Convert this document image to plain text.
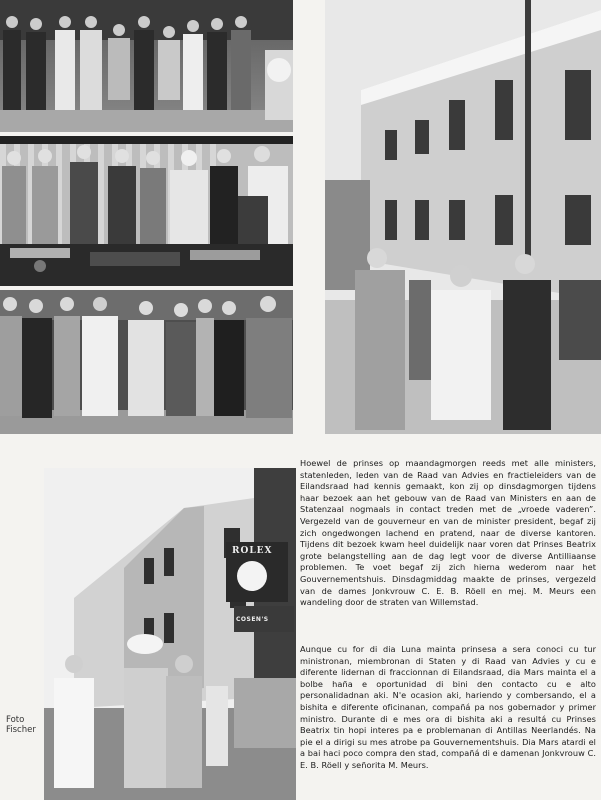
ROLEX
COSEN'S
Foto
Fischer
Hoewel de prinses op maandagmorgen reeds met alle ministers, statenleden, leden van de Raad van Advies en fractieleiders van de Eilandsraad had kennis gemaakt, kon zij op dinsdagmorgen tijdens haar bezoek aan het gebouw van de Raad van Ministers en aan de Statenzaal nogmaals in contact treden met de „vroede vaderen”. Vergezeld van de gouverneur en van de minister president, begaf zij zich ongedwongen lachend en pratend, naar de diverse kantoren. Tijdens dit bezoek kwam heel duidelijk naar voren dat Prinses Beatrix grote belangstelling aan de dag legt voor de diverse Antilliaanse problemen. Te voet begaf zij zich hierna wederom naar het Gouvernementshuis. Dinsdagmiddag maakte de prinses, vergezeld van de dames Jonkvrouw C. E. B. Röell en mej. M. Meurs een wandeling door de straten van Willemstad.
Aunque cu for di dia Luna mainta prinsesa a sera conoci cu tur ministronan, miembronan di Staten y di Raad van Advies y cu e diferente lidernan di fraccionnan di Eilandsraad, dia Mars mainta el a bolbe haña e oportunidad di bini den contacto cu e alto personalidadnan aki. N'e ocasion aki, hariendo y combersando, el a bishita e diferente oficinanan, compañá pa nos gobernador y primer ministro. Durante di e mes ora di bishita aki a resultá cu Prinses Beatrix tin hopi interes pa e problemanan di Antillas Neerlandés. Na pie el a dirigi su mes atrobe pa Gouvernementshuis. Dia Mars atardi el a bai haci poco compra den stad, compañá di e damenan Jonkvrouw C. E. B. Röell y señorita M. Meurs.
